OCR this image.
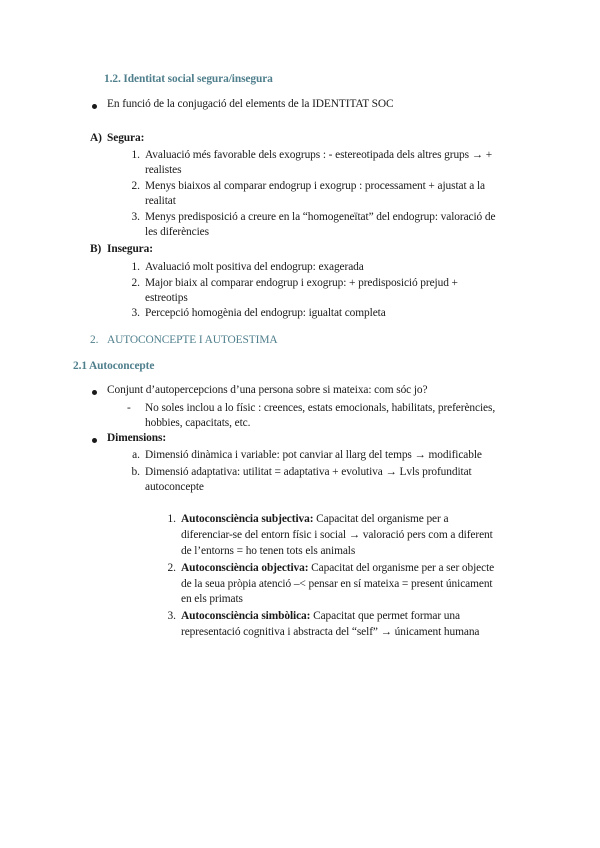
1.2. Identitat social segura/insegura
En funció de la conjugació del elements de la IDENTITAT SOC
A) Segura:
1. Avaluació més favorable dels exogrups : - estereotipada dels altres grups → +
realistes
2. Menys biaixos al comparar endogrup i exogrup : processament + ajustat a la
realitat
3. Menys predisposició a creure en la “homogeneïtat” del endogrup: valoració de
les diferències
B) Insegura:
1. Avaluació molt positiva del endogrup: exagerada
2. Major biaix al comparar endogrup i exogrup: + predisposició prejud +
estreotips
3. Percepció homogènia del endogrup: igualtat completa
2. AUTOCONCEPTE I AUTOESTIMA
2.1 Autoconcepte
Conjunt d’autopercepcions d’una persona sobre si mateixa: com sóc jo?
- No soles inclou a lo físic : creences, estats emocionals, habilitats, preferències,
hobbies, capacitats, etc.
Dimensions:
a. Dimensió dinàmica i variable: pot canviar al llarg del temps → modificable
b. Dimensió adaptativa: utilitat = adaptativa + evolutiva → Lvls profunditat
autoconcepte
1. Autoconsciència subjectiva: Capacitat del organisme per a
diferenciar-se del entorn físic i social → valoració pers com a diferent
de l’entorns = ho tenen tots els animals
2. Autoconsciència objectiva: Capacitat del organisme per a ser objecte
de la seua pròpia atenció –< pensar en sí mateixa = present únicament
en els primats
3. Autoconsciència simbòlica: Capacitat que permet formar una
representació cognitiva i abstracta del “self” → únicament humana
